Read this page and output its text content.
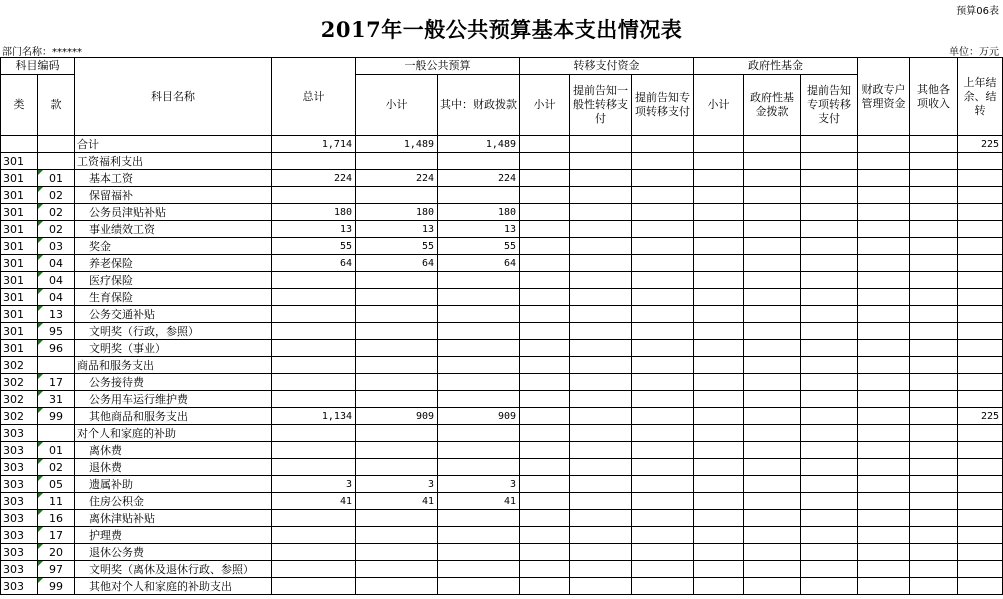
预算06表
2017年一般公共预算基本支出情况表
部门名称：******	单位：万元
科目编码		科目名称	总计	一般公共预算		转移支付资金			政府性基金			财政专户管理资金	其他各项收入	上年结余、结转
类	款			小计	其中：财政拨款	小计	提前告知一般性转移支付	提前告知专项转移支付	小计	政府性基金拨款	提前告知专项转移支付			
		合计	1,714	1,489	1,489									225
301		工资福利支出												
301	01	基本工资	224	224	224									
301	02	保留福补												
301	02	公务员津贴补贴	180	180	180									
301	02	事业绩效工资	13	13	13									
301	03	奖金	55	55	55									
301	04	养老保险	64	64	64									
301	04	医疗保险												
301	04	生育保险												
301	13	公务交通补贴												
301	95	文明奖（行政，参照）												
301	96	文明奖（事业）												
302		商品和服务支出												
302	17	公务接待费												
302	31	公务用车运行维护费												
302	99	其他商品和服务支出	1,134	909	909									225
303		对个人和家庭的补助												
303	01	离休费												
303	02	退休费												
303	05	遗属补助	3	3	3									
303	11	住房公积金	41	41	41									
303	16	离休津贴补贴												
303	17	护理费												
303	20	退休公务费												
303	97	文明奖（离休及退休行政、参照）												
303	99	其他对个人和家庭的补助支出												
